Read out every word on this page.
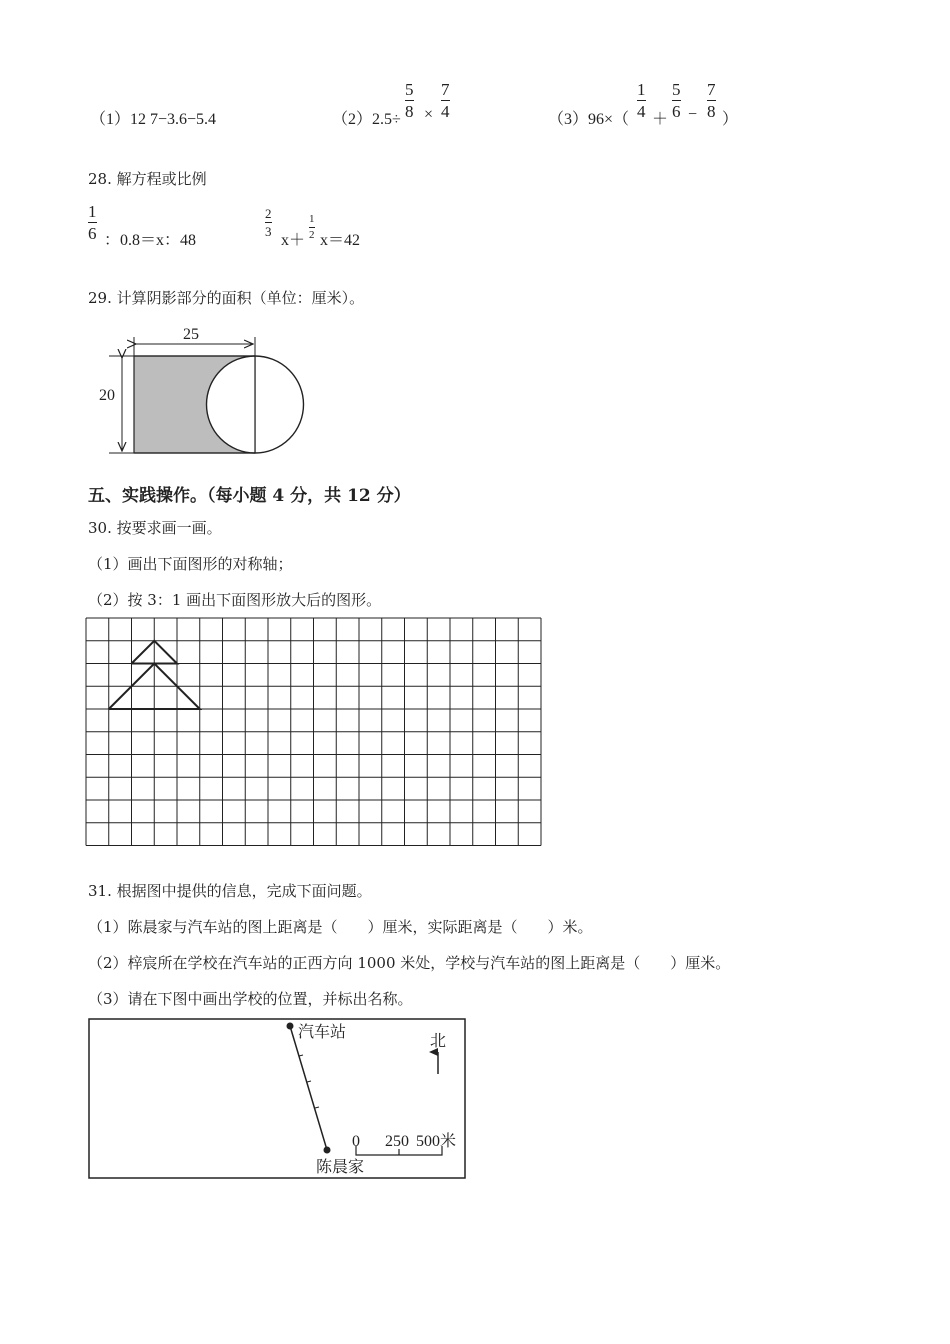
（1）12 7−3.6−5.4	（2）2.5÷
5
8 ×
7
4	（3）96×（
1
4 ＋
5
6 −
7
8 ）
28. 解方程或比例
1
6 ：0.8＝x：48
2
3
x＋
1
2 x＝42
29. 计算阴影部分的面积（单位：厘米）。
25
20
五、实践操作。（每小题 4 分，共 12 分）
30. 按要求画一画。
（1）画出下面图形的对称轴；
（2）按 3：1 画出下面图形放大后的图形。
31. 根据图中提供的信息，完成下面问题。
（1）陈晨家与汽车站的图上距离是（　　）厘米，实际距离是（　　）米。
（2）梓宸所在学校在汽车站的正西方向 1000 米处，学校与汽车站的图上距离是（　　）厘米。
（3）请在下图中画出学校的位置，并标出名称。
汽车站
陈晨家
北
0 250 500米
